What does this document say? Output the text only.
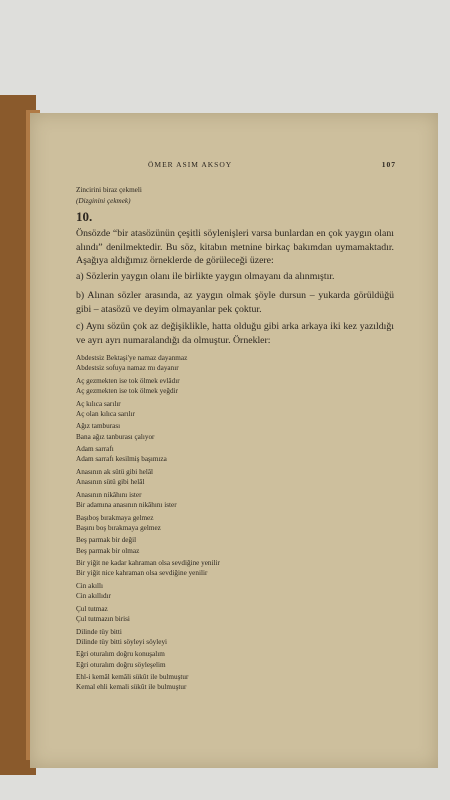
ÖMER ASIM AKSOY	107
Zincirini biraz çekmeli
(Dizginini çekmek)
10.
Önsözde “bir atasözünün çeşitli söylenişleri varsa bunlardan en çok yaygın olanı alındı” denilmektedir. Bu söz, kitabın metnine birkaç bakımdan uymamaktadır. Aşağıya aldığımız örneklerde de görüleceği üzere:
a) Sözlerin yaygın olanı ile birlikte yaygın olmayanı da alınmıştır.
b) Alınan sözler arasında, az yaygın olmak şöyle dursun – yukarda görüldüğü gibi – atasözü ve deyim olmayanlar pek çoktur.
c) Aynı sözün çok az değişiklikle, hatta olduğu gibi arka arkaya iki kez yazıldığı ve ayrı ayrı numaralandığı da olmuştur. Örnekler:
Abdestsiz Bektaşi'ye namaz dayanmaz
Abdestsiz sofuya namaz mı dayanır
Aç gezmekten ise tok ölmek evlâdır
Aç gezmekten ise tok ölmek yeğdir
Aç kılıca sarılır
Aç olan kılıca sarılır
Ağız tamburası
Bana ağız tanburası çalıyor
Adam sarrafı
Adam sarrafı kesilmiş başımıza
Anasının ak sütü gibi helâl
Anasının sütü gibi helâl
Anasının nikâhını ister
Bir adamına anasının nikâhını ister
Başıboş bırakmaya gelmez
Başını boş bırakmaya gelmez
Beş parmak bir değil
Beş parmak bir olmaz
Bir yiğit ne kadar kahraman olsa sevdiğine yenilir
Bir yiğit nice kahraman olsa sevdiğine yenilir
Cin akıllı
Cin akıllıdır
Çul tutmaz
Çul tutmazın birisi
Dilinde tüy bitti
Dilinde tüy bitti söyleyi söyleyi
Eğri oturalım doğru konuşalım
Eğri oturalım doğru söyleşelim
Ehl-i kemâl kemâli sükût ile bulmuştur
Kemal ehli kemali sükût ile bulmuştur
